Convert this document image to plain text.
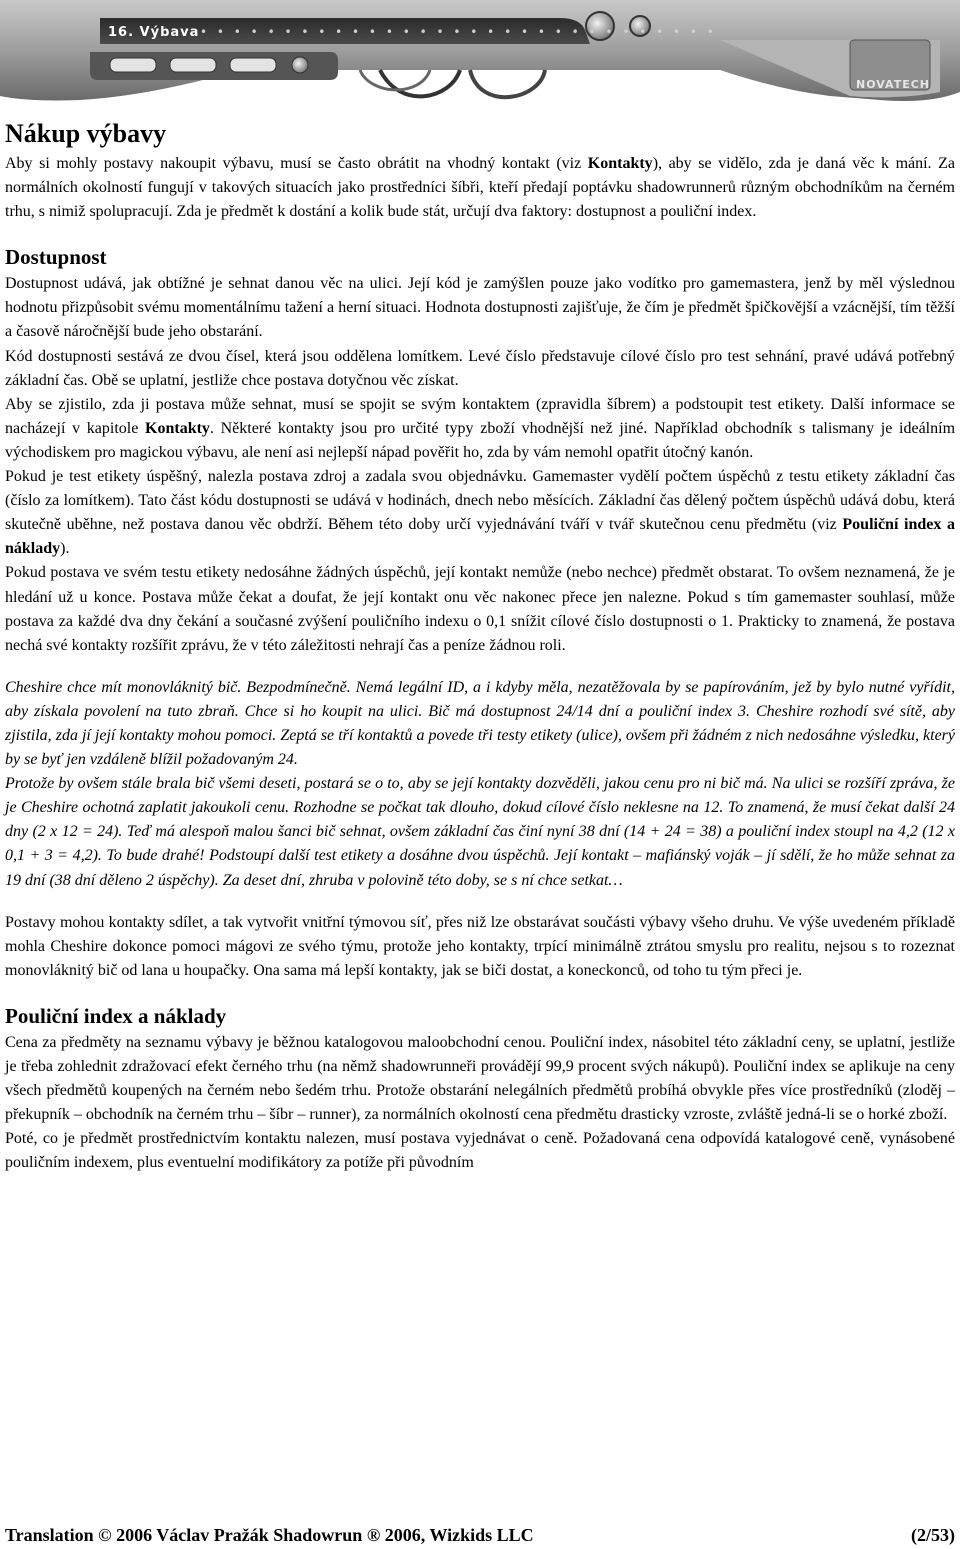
16. Výbava • • • • • • • • • • • • • • • • • • • • • • • • • • • • • • •
NOVATECH
Nákup výbavy

Aby si mohly postavy nakoupit výbavu, musí se často obrátit na vhodný kontakt (viz Kontakty), aby se vidělo, zda je daná věc k mání. Za normálních okolností fungují v takových situacích jako prostředníci šíbři, kteří předají poptávku shadowrunnerů různým obchodníkům na černém trhu, s nimiž spolupracují. Zda je předmět k dostání a kolik bude stát, určují dva faktory: dostupnost a pouliční index.

Dostupnost

Dostupnost udává, jak obtížné je sehnat danou věc na ulici. Její kód je zamýšlen pouze jako vodítko pro gamemastera, jenž by měl výslednou hodnotu přizpůsobit svému momentálnímu tažení a herní situaci. Hodnota dostupnosti zajišťuje, že čím je předmět špičkovější a vzácnější, tím těžší a časově náročnější bude jeho obstarání.

Kód dostupnosti sestává ze dvou čísel, která jsou oddělena lomítkem. Levé číslo představuje cílové číslo pro test sehnání, pravé udává potřebný základní čas. Obě se uplatní, jestliže chce postava dotyčnou věc získat.

Aby se zjistilo, zda ji postava může sehnat, musí se spojit se svým kontaktem (zpravidla šíbrem) a podstoupit test etikety. Další informace se nacházejí v kapitole Kontakty. Některé kontakty jsou pro určité typy zboží vhodnější než jiné. Například obchodník s talismany je ideálním východiskem pro magickou výbavu, ale není asi nejlepší nápad pověřit ho, zda by vám nemohl opatřit útočný kanón.

Pokud je test etikety úspěšný, nalezla postava zdroj a zadala svou objednávku. Gamemaster vydělí počtem úspěchů z testu etikety základní čas (číslo za lomítkem). Tato část kódu dostupnosti se udává v hodinách, dnech nebo měsících. Základní čas dělený počtem úspěchů udává dobu, která skutečně uběhne, než postava danou věc obdrží. Během této doby určí vyjednávání tváří v tvář skutečnou cenu předmětu (viz Pouliční index a náklady).

Pokud postava ve svém testu etikety nedosáhne žádných úspěchů, její kontakt nemůže (nebo nechce) předmět obstarat. To ovšem neznamená, že je hledání už u konce. Postava může čekat a doufat, že její kontakt onu věc nakonec přece jen nalezne. Pokud s tím gamemaster souhlasí, může postava za každé dva dny čekání a současné zvýšení pouličního indexu o 0,1 snížit cílové číslo dostupnosti o 1. Prakticky to znamená, že postava nechá své kontakty rozšířit zprávu, že v této záležitosti nehrají čas a peníze žádnou roli.

Cheshire chce mít monovláknitý bič. Bezpodmínečně. Nemá legální ID, a i kdyby měla, nezatěžovala by se papírováním, jež by bylo nutné vyřídit, aby získala povolení na tuto zbraň. Chce si ho koupit na ulici. Bič má dostupnost 24/14 dní a pouliční index 3. Cheshire rozhodí své sítě, aby zjistila, zda jí její kontakty mohou pomoci. Zeptá se tří kontaktů a povede tři testy etikety (ulice), ovšem při žádném z nich nedosáhne výsledku, který by se byť jen vzdáleně blížil požadovaným 24.

Protože by ovšem stále brala bič všemi deseti, postará se o to, aby se její kontakty dozvěděli, jakou cenu pro ni bič má. Na ulici se rozšíří zpráva, že je Cheshire ochotná zaplatit jakoukoli cenu. Rozhodne se počkat tak dlouho, dokud cílové číslo neklesne na 12. To znamená, že musí čekat další 24 dny (2 x 12 = 24). Teď má alespoň malou šanci bič sehnat, ovšem základní čas činí nyní 38 dní (14 + 24 = 38) a pouliční index stoupl na 4,2 (12 x 0,1 + 3 = 4,2). To bude drahé! Podstoupí další test etikety a dosáhne dvou úspěchů. Její kontakt – mafiánský voják – jí sdělí, že ho může sehnat za 19 dní (38 dní děleno 2 úspěchy). Za deset dní, zhruba v polovině této doby, se s ní chce setkat…

Postavy mohou kontakty sdílet, a tak vytvořit vnitřní týmovou síť, přes niž lze obstarávat součásti výbavy všeho druhu. Ve výše uvedeném příkladě mohla Cheshire dokonce pomoci mágovi ze svého týmu, protože jeho kontakty, trpící minimálně ztrátou smyslu pro realitu, nejsou s to rozeznat monovláknitý bič od lana u houpačky. Ona sama má lepší kontakty, jak se biči dostat, a koneckonců, od toho tu tým přeci je.

Pouliční index a náklady

Cena za předměty na seznamu výbavy je běžnou katalogovou maloobchodní cenou. Pouliční index, násobitel této základní ceny, se uplatní, jestliže je třeba zohlednit zdražovací efekt černého trhu (na němž shadowrunneři provádějí 99,9 procent svých nákupů). Pouliční index se aplikuje na ceny všech předmětů koupených na černém nebo šedém trhu. Protože obstarání nelegálních předmětů probíhá obvykle přes více prostředníků (zloděj – překupník – obchodník na černém trhu – šíbr – runner), za normálních okolností cena předmětu drasticky vzroste, zvláště jedná-li se o horké zboží.

Poté, co je předmět prostřednictvím kontaktu nalezen, musí postava vyjednávat o ceně. Požadovaná cena odpovídá katalogové ceně, vynásobené pouličním indexem, plus eventuelní modifikátory za potíže při původním

Translation © 2006 Václav Pražák Shadowrun ® 2006, Wizkids LLC	(2/53)
